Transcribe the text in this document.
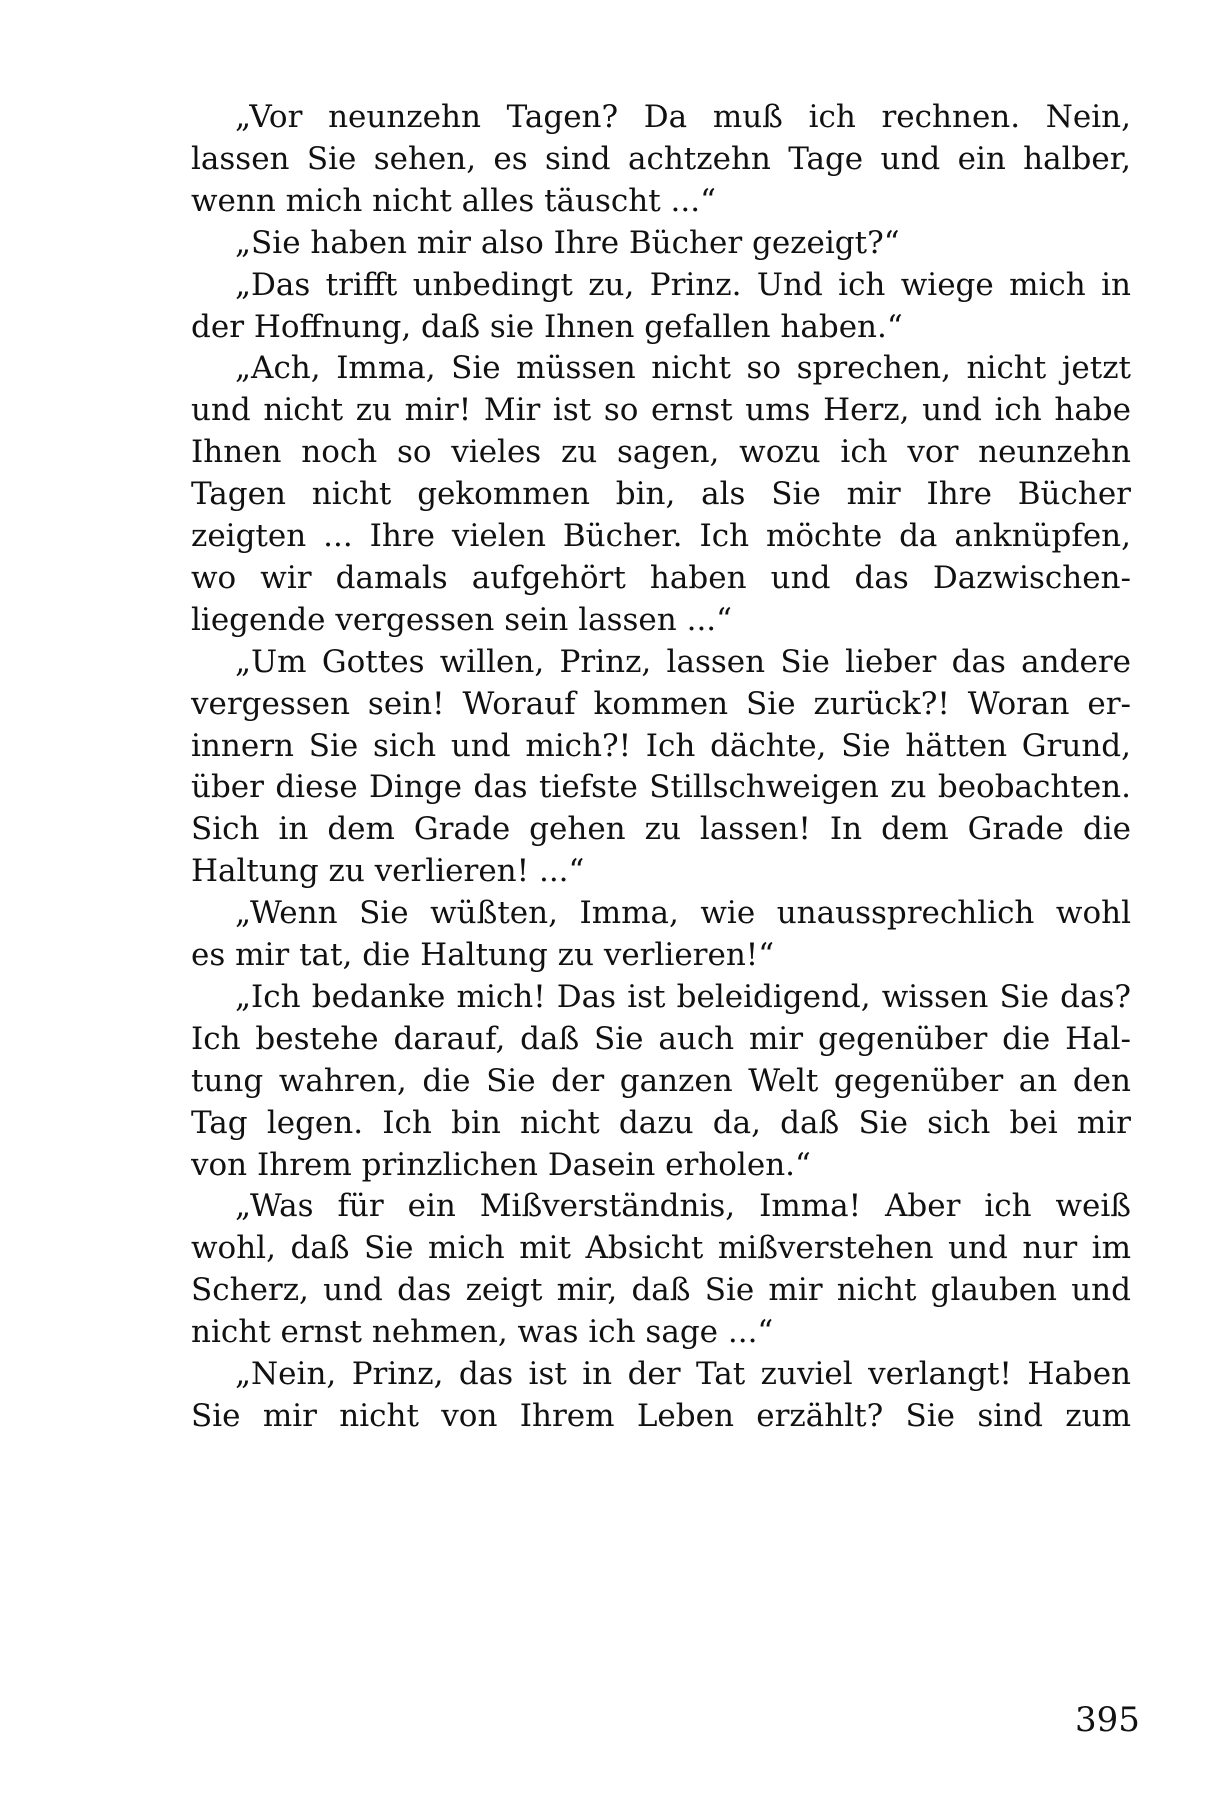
„Vor neunzehn Tagen? Da muß ich rechnen. Nein,
lassen Sie sehen, es sind achtzehn Tage und ein halber,
wenn mich nicht alles täuscht ...“
„Sie haben mir also Ihre Bücher gezeigt?“
„Das trifft unbedingt zu, Prinz. Und ich wiege mich in
der Hoffnung, daß sie Ihnen gefallen haben.“
„Ach, Imma, Sie müssen nicht so sprechen, nicht jetzt
und nicht zu mir! Mir ist so ernst ums Herz, und ich habe
Ihnen noch so vieles zu sagen, wozu ich vor neunzehn
Tagen nicht gekommen bin, als Sie mir Ihre Bücher
zeigten ... Ihre vielen Bücher. Ich möchte da anknüpfen,
wo wir damals aufgehört haben und das Dazwischen-
liegende vergessen sein lassen ...“
„Um Gottes willen, Prinz, lassen Sie lieber das andere
vergessen sein! Worauf kommen Sie zurück?! Woran er-
innern Sie sich und mich?! Ich dächte, Sie hätten Grund,
über diese Dinge das tiefste Stillschweigen zu beobachten.
Sich in dem Grade gehen zu lassen! In dem Grade die
Haltung zu verlieren! ...“
„Wenn Sie wüßten, Imma, wie unaussprechlich wohl
es mir tat, die Haltung zu verlieren!“
„Ich bedanke mich! Das ist beleidigend, wissen Sie das?
Ich bestehe darauf, daß Sie auch mir gegenüber die Hal-
tung wahren, die Sie der ganzen Welt gegenüber an den
Tag legen. Ich bin nicht dazu da, daß Sie sich bei mir
von Ihrem prinzlichen Dasein erholen.“
„Was für ein Mißverständnis, Imma! Aber ich weiß
wohl, daß Sie mich mit Absicht mißverstehen und nur im
Scherz, und das zeigt mir, daß Sie mir nicht glauben und
nicht ernst nehmen, was ich sage ...“
„Nein, Prinz, das ist in der Tat zuviel verlangt! Haben
Sie mir nicht von Ihrem Leben erzählt? Sie sind zum
395
